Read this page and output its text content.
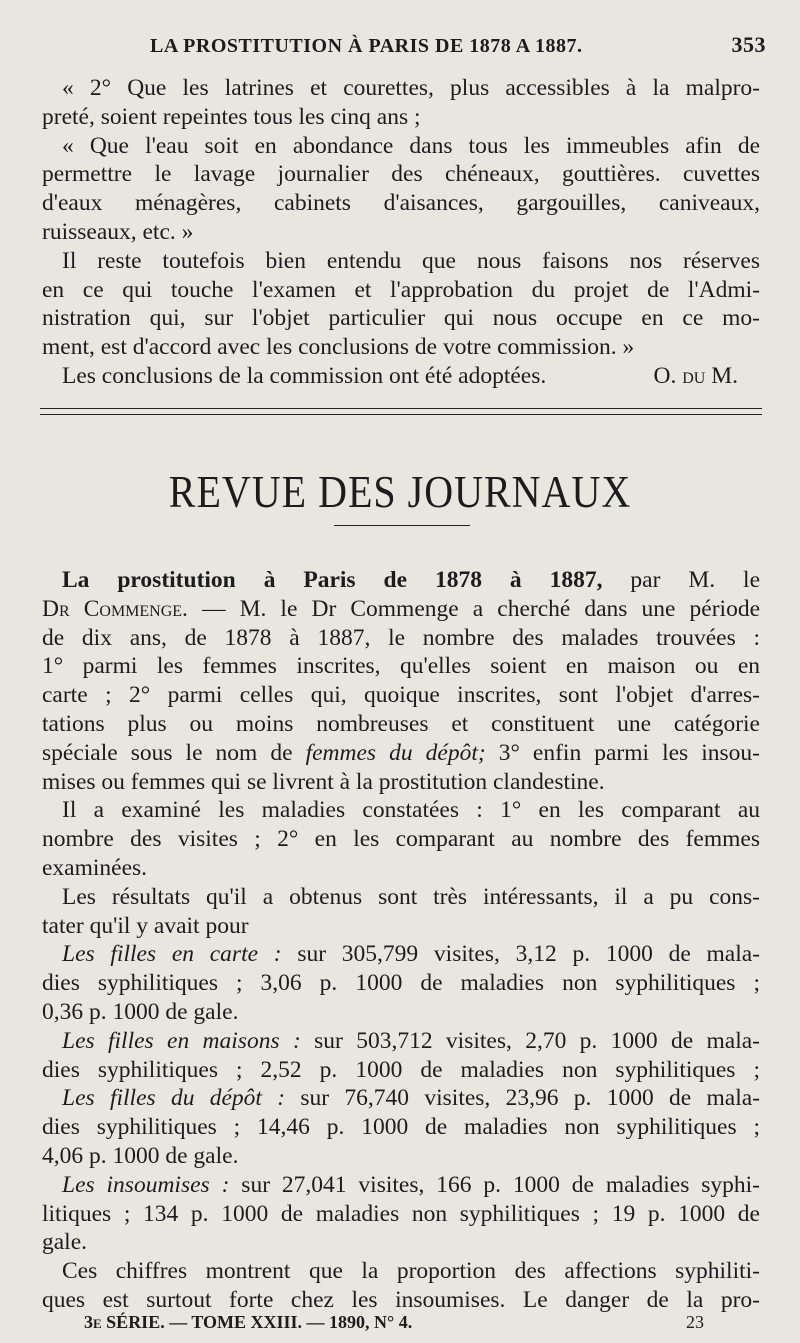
LA PROSTITUTION À PARIS DE 1878 A 1887.	353
« 2° Que les latrines et courettes, plus accessibles à la malpro-
preté, soient repeintes tous les cinq ans ;
« Que l'eau soit en abondance dans tous les immeubles afin de
permettre le lavage journalier des chéneaux, gouttières. cuvettes
d'eaux ménagères, cabinets d'aisances, gargouilles, caniveaux,
ruisseaux, etc. »
Il reste toutefois bien entendu que nous faisons nos réserves
en ce qui touche l'examen et l'approbation du projet de l'Admi-
nistration qui, sur l'objet particulier qui nous occupe en ce mo-
ment, est d'accord avec les conclusions de votre commission. »
Les conclusions de la commission ont été adoptées.	O. du M.
REVUE DES JOURNAUX
La prostitution à Paris de 1878 à 1887, par M. le
Dr Commenge. — M. le Dr Commenge a cherché dans une période
de dix ans, de 1878 à 1887, le nombre des malades trouvées :
1° parmi les femmes inscrites, qu'elles soient en maison ou en
carte ; 2° parmi celles qui, quoique inscrites, sont l'objet d'arres-
tations plus ou moins nombreuses et constituent une catégorie
spéciale sous le nom de femmes du dépôt; 3° enfin parmi les insou-
mises ou femmes qui se livrent à la prostitution clandestine.
Il a examiné les maladies constatées : 1° en les comparant au
nombre des visites ; 2° en les comparant au nombre des femmes
examinées.
Les résultats qu'il a obtenus sont très intéressants, il a pu cons-
tater qu'il y avait pour
Les filles en carte : sur 305,799 visites, 3,12 p. 1000 de mala-
dies syphilitiques ; 3,06 p. 1000 de maladies non syphilitiques ;
0,36 p. 1000 de gale.
Les filles en maisons : sur 503,712 visites, 2,70 p. 1000 de mala-
dies syphilitiques ; 2,52 p. 1000 de maladies non syphilitiques ;
Les filles du dépôt : sur 76,740 visites, 23,96 p. 1000 de mala-
dies syphilitiques ; 14,46 p. 1000 de maladies non syphilitiques ;
4,06 p. 1000 de gale.
Les insoumises : sur 27,041 visites, 166 p. 1000 de maladies syphi-
litiques ; 134 p. 1000 de maladies non syphilitiques ; 19 p. 1000 de
gale.
Ces chiffres montrent que la proportion des affections syphiliti-
ques est surtout forte chez les insoumises. Le danger de la pro-
3e SÉRIE. — TOME XXIII. — 1890, N° 4.	23
